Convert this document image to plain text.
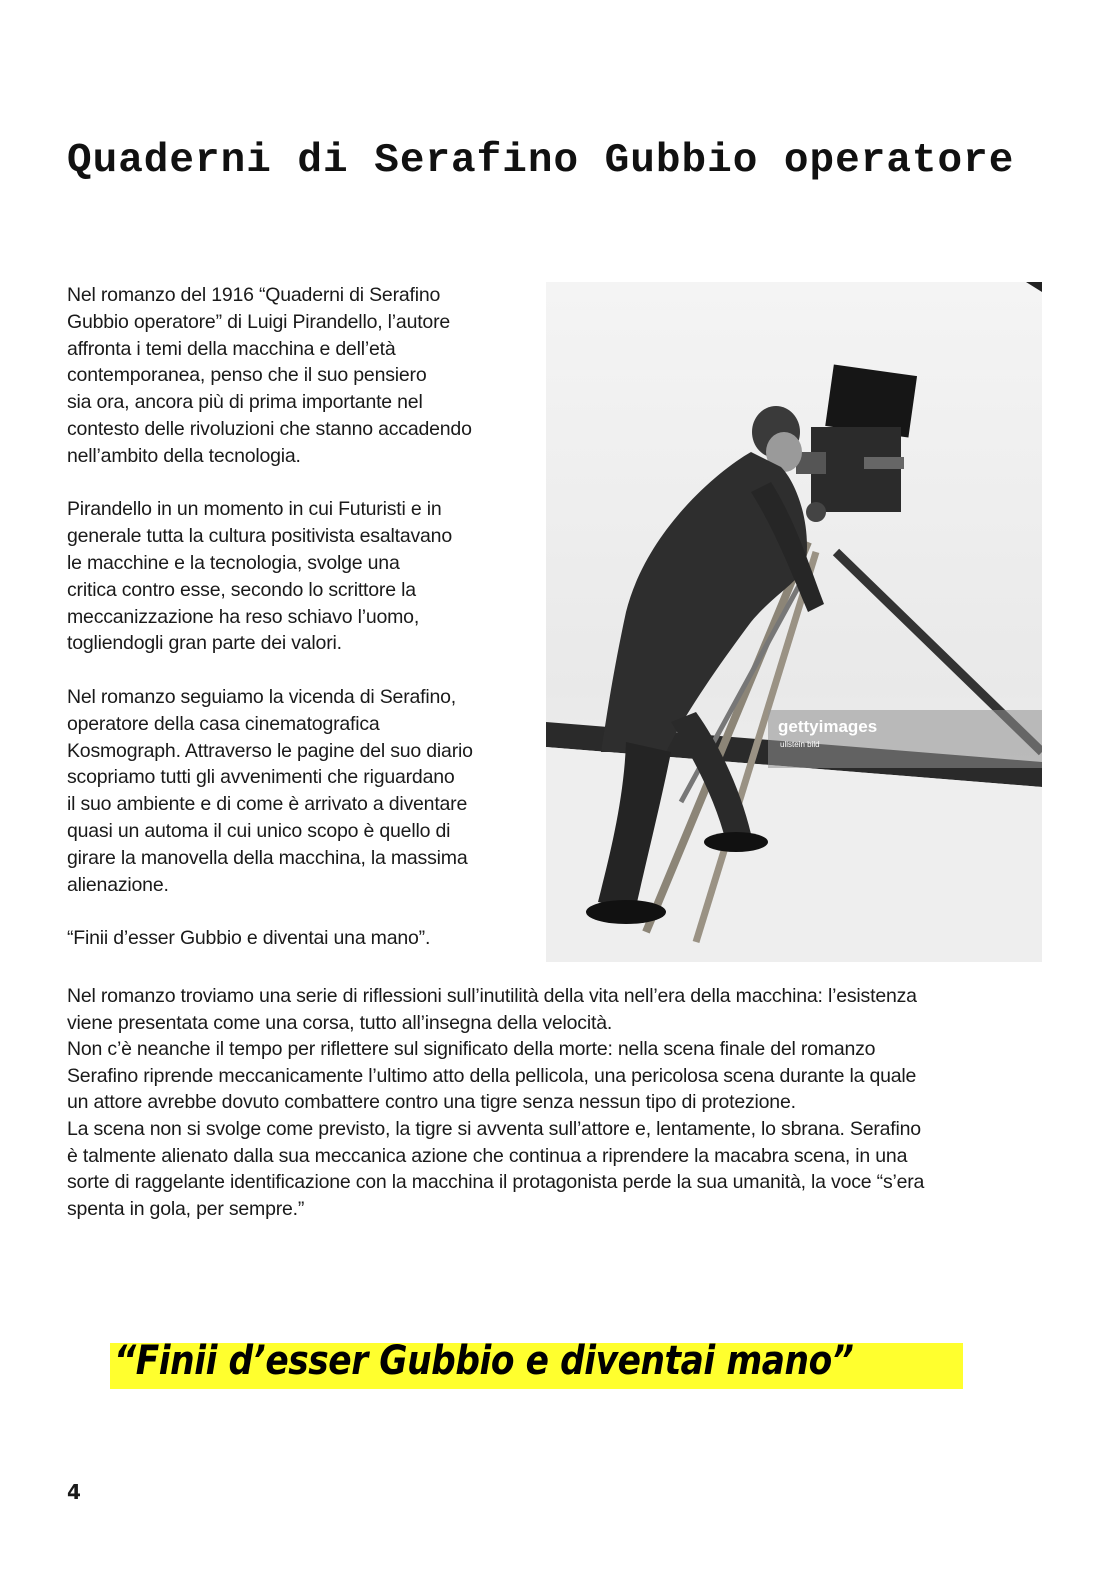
Quaderni di Serafino Gubbio operatore

Nel romanzo del 1916 “Quaderni di Serafino
Gubbio operatore” di Luigi Pirandello, l’autore
affronta i temi della macchina e dell’età
contemporanea, penso che il suo pensiero
sia ora, ancora più di prima importante nel
contesto delle rivoluzioni che stanno accadendo
nell’ambito della tecnologia.

Pirandello in un momento in cui Futuristi e in
generale tutta la cultura positivista esaltavano
le macchine e la tecnologia, svolge una
critica contro esse, secondo lo scrittore la
meccanizzazione ha reso schiavo l’uomo,
togliendogli gran parte dei valori.

Nel romanzo seguiamo la vicenda di Serafino,
operatore della casa cinematografica
Kosmograph. Attraverso le pagine del suo diario
scopriamo tutti gli avvenimenti che riguardano
il suo ambiente e di come è arrivato a diventare
quasi un automa il cui unico scopo è quello di
girare la manovella della macchina, la massima
alienazione.

“Finii d’esser Gubbio e diventai una mano”.

gettyimages
ullstein bild
Nel romanzo troviamo una serie di riflessioni sull’inutilità della vita nell’era della macchina: l’esistenza
viene presentata come una corsa, tutto all’insegna della velocità.
Non c’è neanche il tempo per riflettere sul significato della morte: nella scena finale del romanzo
Serafino riprende meccanicamente l’ultimo atto della pellicola, una pericolosa scena durante la quale
un attore avrebbe dovuto combattere contro una tigre senza nessun tipo di protezione.
La scena non si svolge come previsto, la tigre si avventa sull’attore e, lentamente, lo sbrana. Serafino
è talmente alienato dalla sua meccanica azione che continua a riprendere la macabra scena, in una
sorte di raggelante identificazione con la macchina il protagonista perde la sua umanità, la voce “s’era
spenta in gola, per sempre.”
“Finii d’esser Gubbio e diventai mano”
4
